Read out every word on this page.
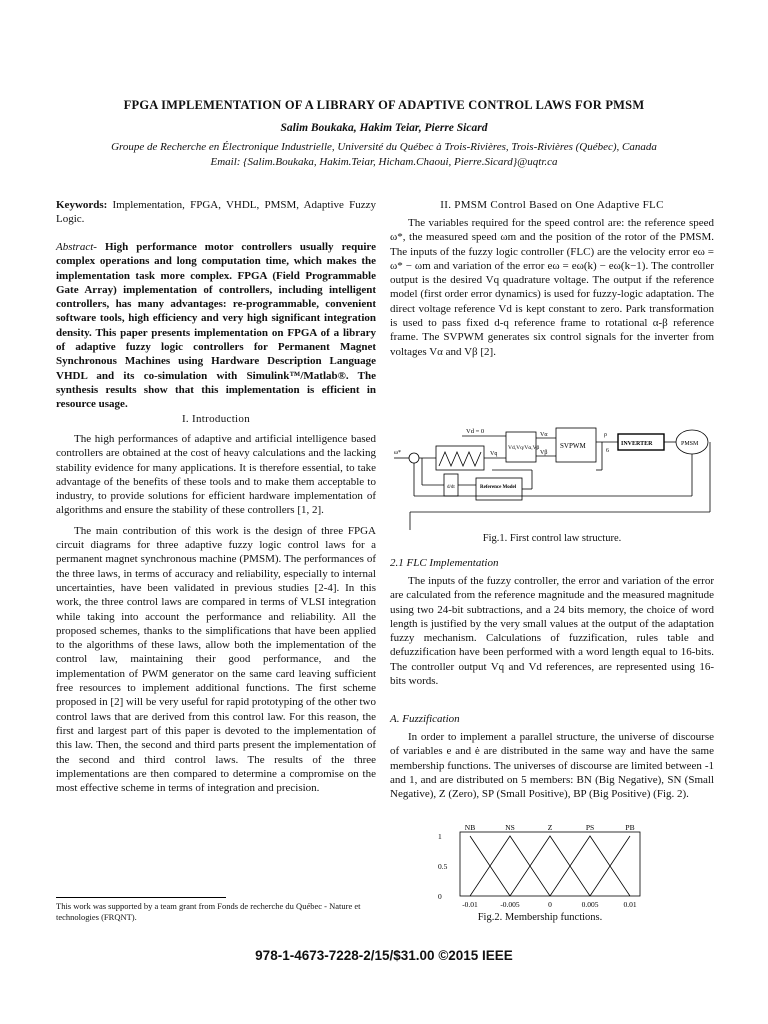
FPGA IMPLEMENTATION OF A LIBRARY OF ADAPTIVE CONTROL LAWS FOR PMSM
Salim Boukaka, Hakim Teiar, Pierre Sicard
Groupe de Recherche en Électronique Industrielle, Université du Québec à Trois-Rivières, Trois-Rivières (Québec), Canada
Email: {Salim.Boukaka, Hakim.Teiar, Hicham.Chaoui, Pierre.Sicard}@uqtr.ca

Keywords: Implementation, FPGA, VHDL, PMSM, Adaptive Fuzzy Logic.

Abstract- High performance motor controllers usually require complex operations and long computation time, which makes the implementation task more complex. FPGA (Field Programmable Gate Array) implementation of controllers, including intelligent controllers, has many advantages: re-programmable, convenient software tools, high efficiency and very high significant integration density. This paper presents implementation on FPGA of a library of adaptive fuzzy logic controllers for Permanent Magnet Synchronous Machines using Hardware Description Language VHDL and its co-simulation with Simulink™/Matlab®. The synthesis results show that this implementation is efficient in resource usage.

I. Introduction

The high performances of adaptive and artificial intelligence based controllers are obtained at the cost of heavy calculations and the lacking stability evidence for many applications. It is therefore essential, to take advantage of the benefits of these tools and to make them acceptable to industry, to provide solutions for efficient hardware implementation of algorithms and ensure the stability of these controllers [1, 2].

The main contribution of this work is the design of three FPGA circuit diagrams for three adaptive fuzzy logic control laws for a permanent magnet synchronous machine (PMSM). The performances of the three laws, in terms of accuracy and reliability, especially to internal uncertainties, have been validated in previous studies [2-4]. In this work, the three control laws are compared in terms of VLSI integration while taking into account the performance and reliability. All the proposed schemes, thanks to the simplifications that have been applied to the algorithms of these laws, allow both the implementation of the control law, maintaining their good performance, and the implementation of PWM generator on the same card leaving sufficient free resources to implement additional functions. The first scheme proposed in [2] will be very useful for rapid prototyping of the other two control laws that are derived from this control law. For this reason, the first and largest part of this paper is devoted to the implementation of this law. Then, the second and third parts present the implementation of the second and third control laws. The results of the three implementations are then compared to determine a compromise on the most effective scheme in terms of integration and precision.

This work was supported by a team grant from Fonds de recherche du Québec - Nature et technologies (FRQNT).
II. PMSM Control Based on One Adaptive FLC

The variables required for the speed control are: the reference speed ω*, the measured speed ωm and the position of the rotor of the PMSM. The inputs of the fuzzy logic controller (FLC) are the velocity error eω = ω* − ωm and variation of the error eω = eω(k) − eω(k−1). The controller output is the desired Vq quadrature voltage. The output if the reference model (first order error dynamics) is used for fuzzy-logic adaptation. The direct voltage reference Vd is kept constant to zero. Park transformation is used to pass fixed d-q reference frame to rotational α-β reference frame. The SVPWM generates six control signals for the inverter from voltages Vα and Vβ [2].

Vd = 0
Vd,Vq/Vα,Vβ	SVPWM	INVERTER	PMSM
Reference Model
Vα
Vβ
Vq	6
ω*
ρ
d/dt
Fig.1. First control law structure.
2.1 FLC Implementation

The inputs of the fuzzy controller, the error and variation of the error are calculated from the reference magnitude and the measured magnitude using two 24-bit subtractions, and a 24 bits memory, the choice of word length is justified by the very small values at the output of the adaptation fuzzy mechanism. Calculations of fuzzification, rules table and defuzzification have been performed with a word length equal to 16-bits. The controller output Vq and Vd references, are represented using 16-bits words.

A. Fuzzification

In order to implement a parallel structure, the universe of discourse of variables e and ė are distributed in the same way and have the same membership functions. The universes of discourse are limited between -1 and 1, and are distributed on 5 members: BN (Big Negative), SN (Small Negative), Z (Zero), SP (Small Positive), BP (Big Positive) (Fig. 2).

0
0.5
1
-0.01	-0.005	0	0.005	0.01
NB	NS	Z	PS	PB
Fig.2. Membership functions.
978-1-4673-7228-2/15/$31.00 ©2015 IEEE
